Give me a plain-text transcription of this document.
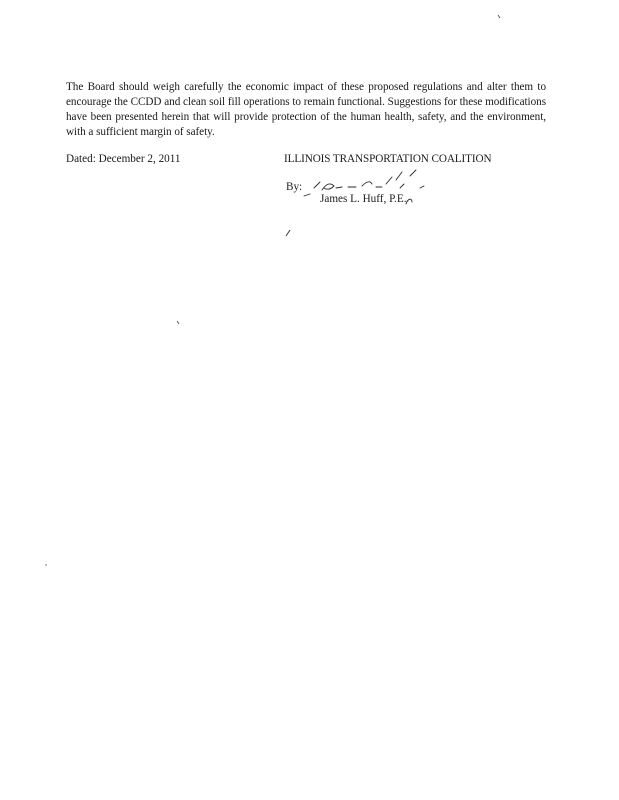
The Board should weigh carefully the economic impact of these proposed regulations and alter them to encourage the CCDD and clean soil fill operations to remain functional. Suggestions for these modifications have been presented herein that will provide protection of the human health, safety, and the environment, with a sufficient margin of safety.
Dated: December 2, 2011	ILLINOIS TRANSPORTATION COALITION
By:
James L. Huff, P.E.
